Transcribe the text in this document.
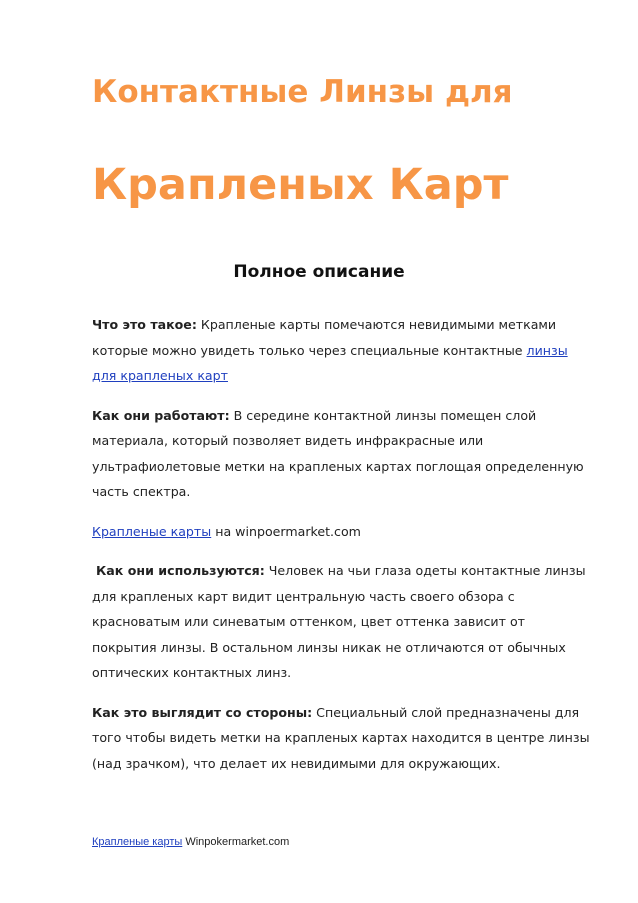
Контактные Линзы для
Крапленых Карт
Полное описание

Что это такое: Крапленые карты помечаются невидимыми метками которые можно увидеть только через специальные контактные линзы для крапленых карт

Как они работают: В середине контактной линзы помещен слой материала, который позволяет видеть инфракрасные или ультрафиолетовые метки на крапленых картах поглощая определенную часть спектра.

Крапленые карты на winpoermarket.com

Как они используются: Человек на чьи глаза одеты контактные линзы для крапленых карт видит центральную часть своего обзора с красноватым или синеватым оттенком, цвет оттенка зависит от покрытия линзы. В остальном линзы никак не отличаются от обычных оптических контактных линз.

Как это выглядит со стороны: Специальный слой предназначены для того чтобы видеть метки на крапленых картах находится в центре линзы (над зрачком), что делает их невидимыми для окружающих.

Крапленые карты Winpokermarket.com
